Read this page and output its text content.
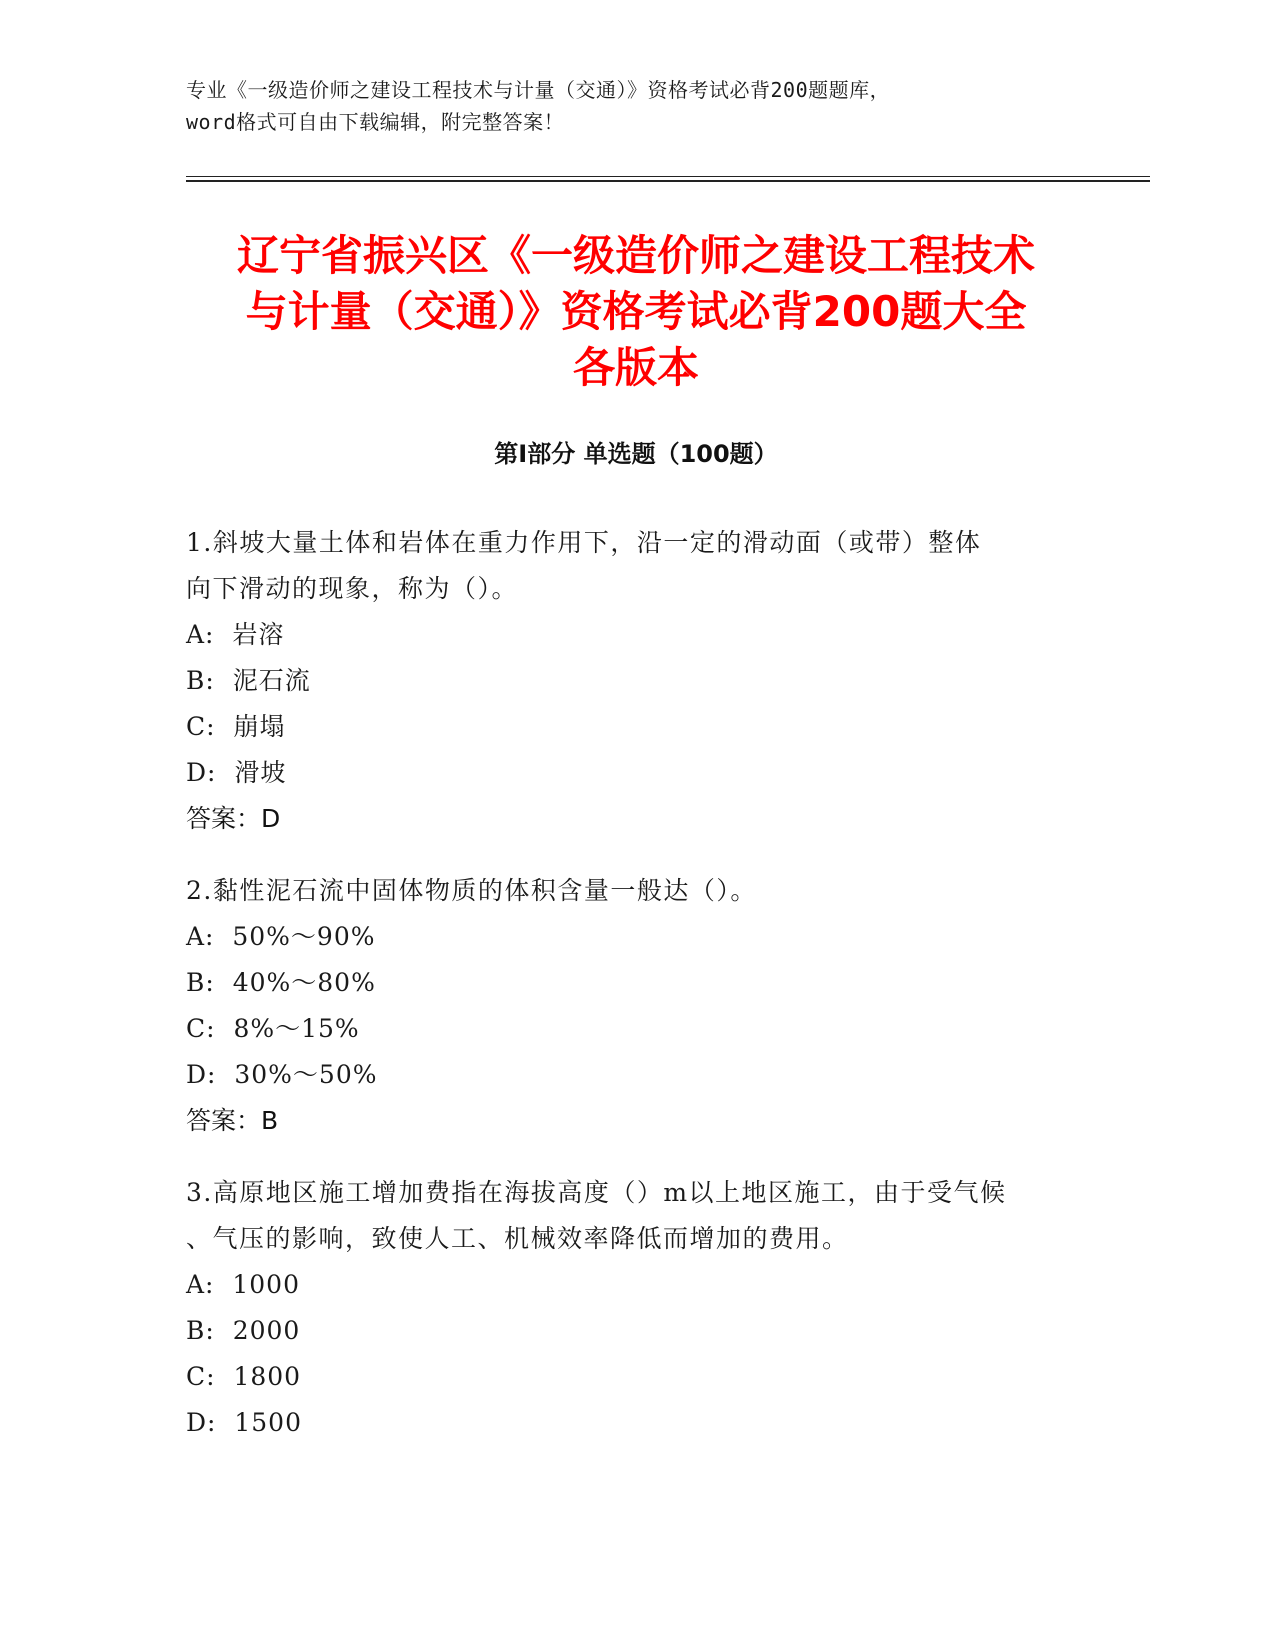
专业《一级造价师之建设工程技术与计量（交通）》资格考试必背200题题库，
word格式可自由下载编辑，附完整答案！
辽宁省振兴区《一级造价师之建设工程技术
与计量（交通）》资格考试必背200题大全
各版本
第Ⅰ部分 单选题（100题）

1.斜坡大量土体和岩体在重力作用下，沿一定的滑动面（或带）整体

向下滑动的现象，称为（）。

A:  岩溶

B:  泥石流

C:  崩塌

D:  滑坡

答案：D

2.黏性泥石流中固体物质的体积含量一般达（）。

A:  50%～90%

B:  40%～80%

C:  8%～15%

D:  30%～50%

答案：B

3.高原地区施工增加费指在海拔高度（）m以上地区施工，由于受气候

、气压的影响，致使人工、机械效率降低而增加的费用。

A:  1000

B:  2000

C:  1800

D:  1500
